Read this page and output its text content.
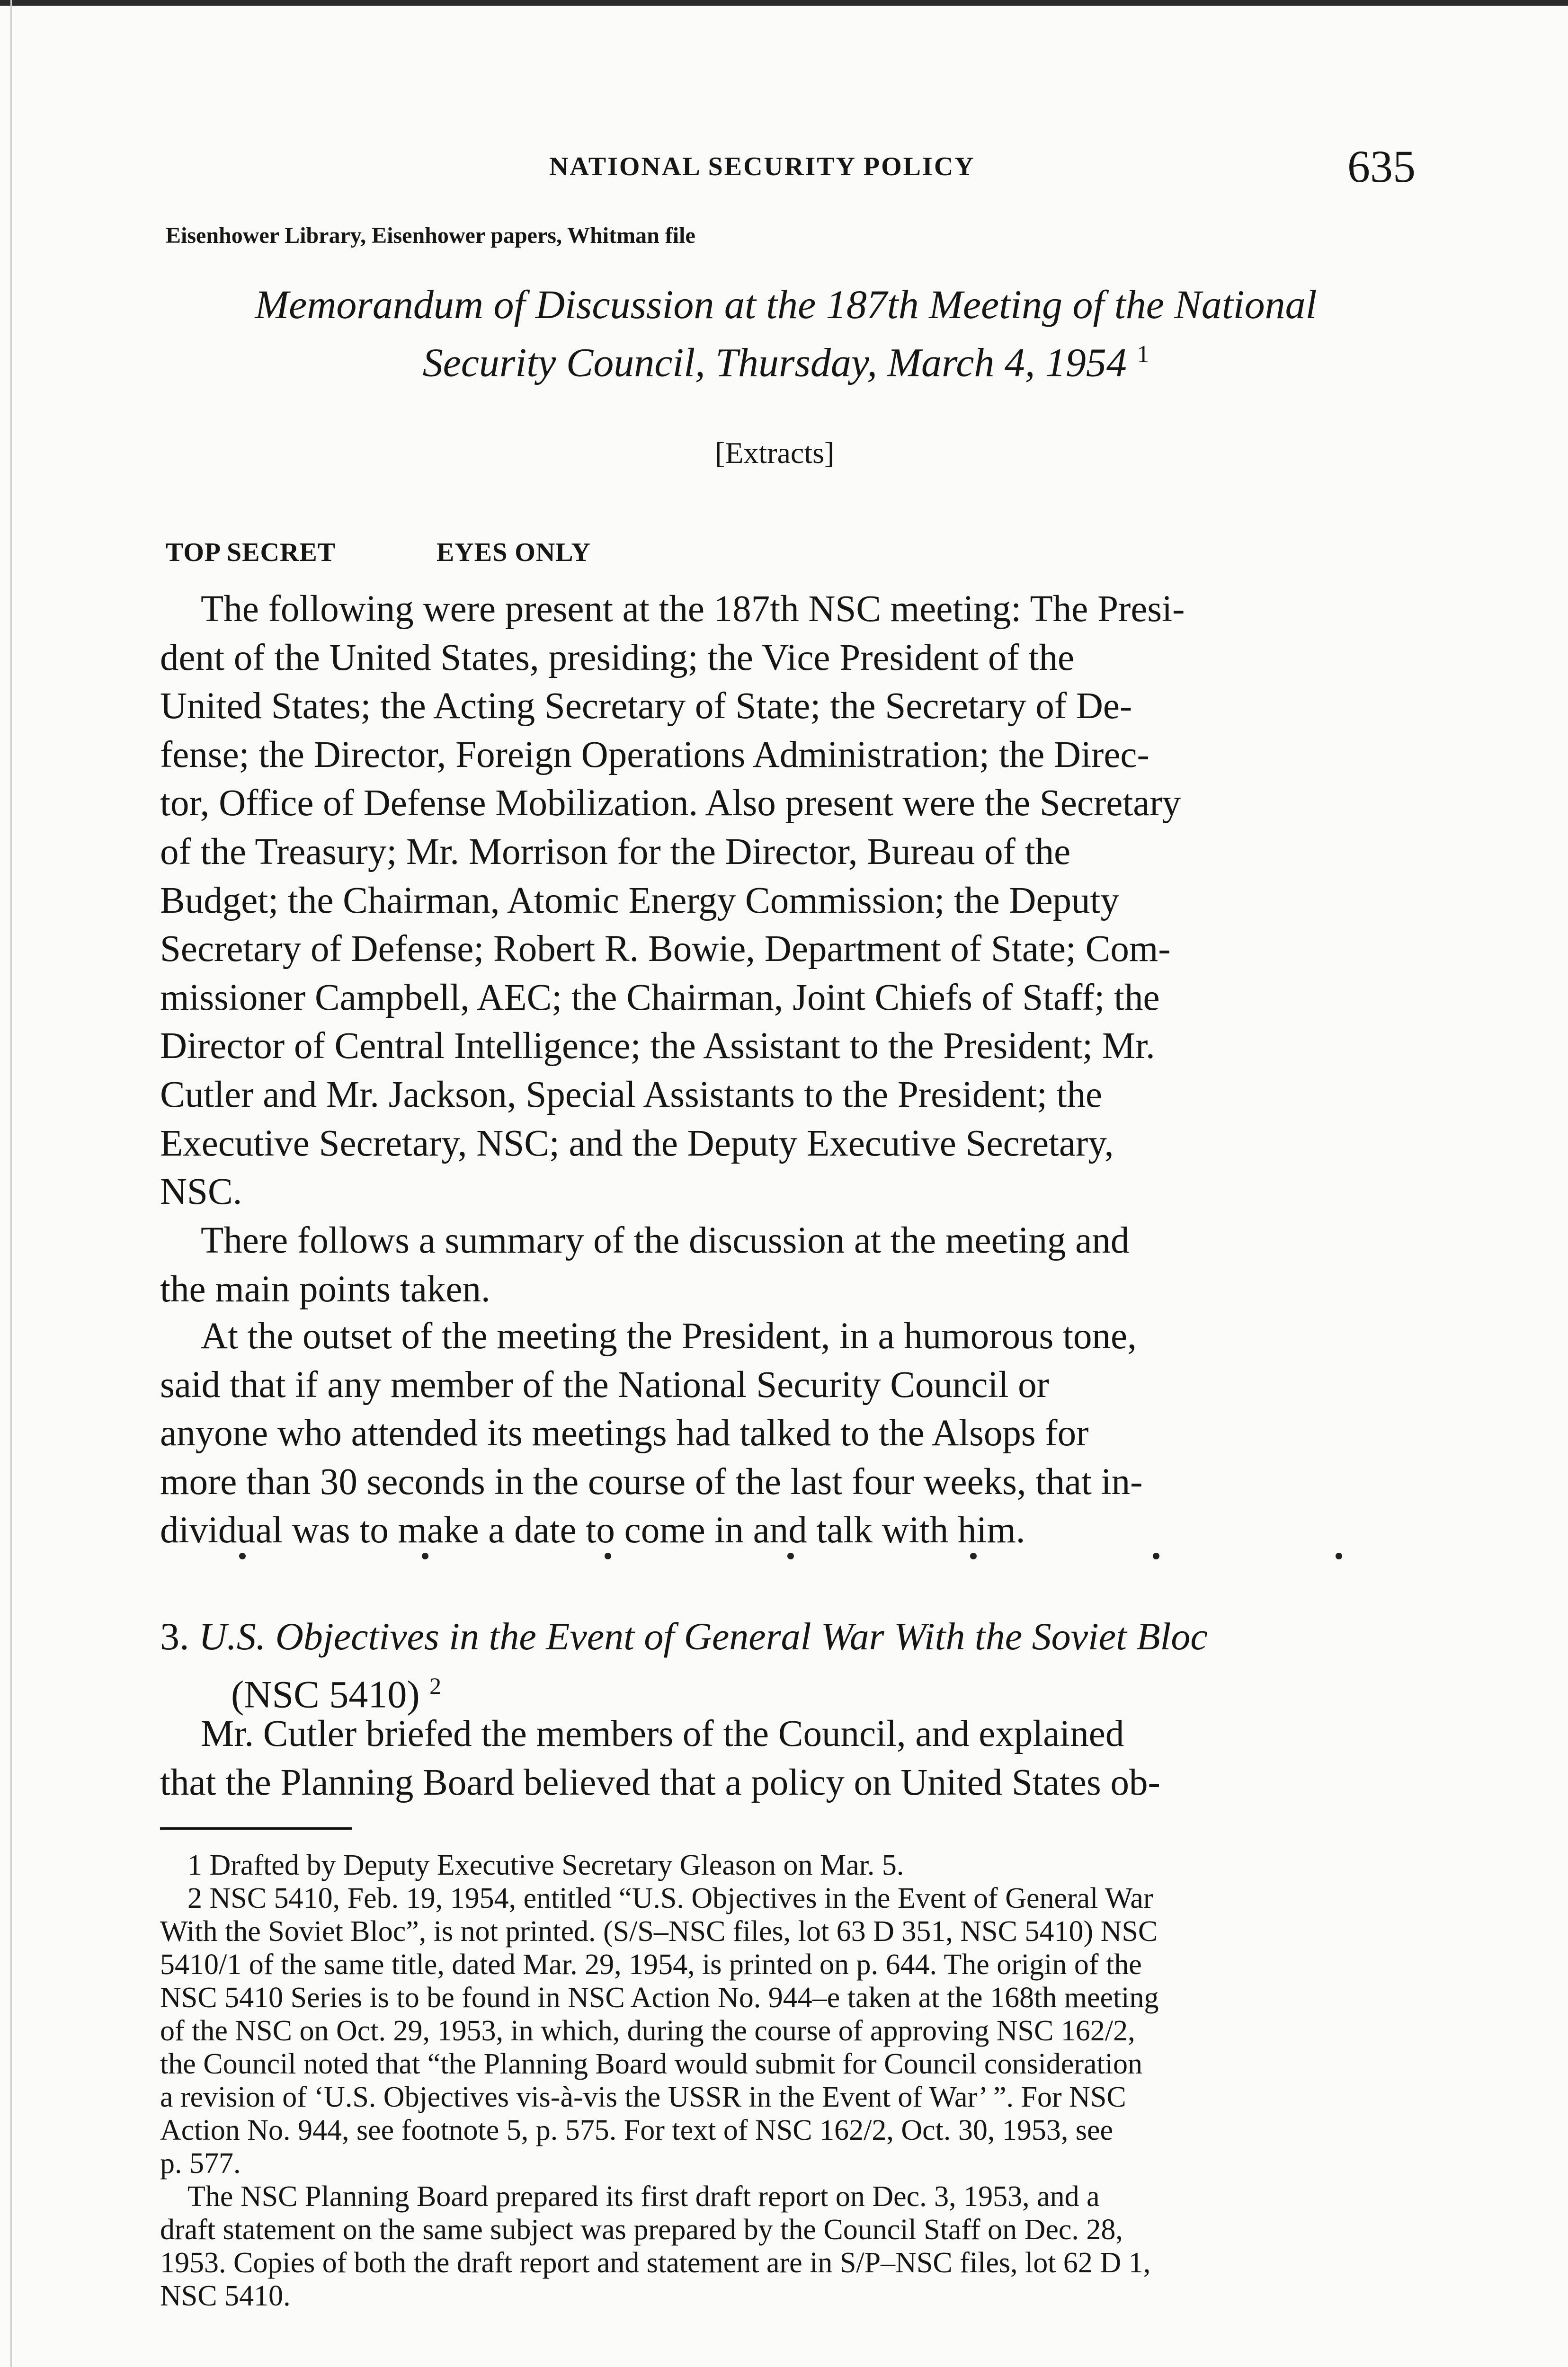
NATIONAL SECURITY POLICY	635
Eisenhower Library, Eisenhower papers, Whitman file
Memorandum of Discussion at the 187th Meeting of the National
Security Council, Thursday, March 4, 1954 $^1$
[Extracts]
TOP SECRET	EYES ONLY
The following were present at the 187th NSC meeting: The Presi-
dent of the United States, presiding; the Vice President of the
United States; the Acting Secretary of State; the Secretary of De-
fense; the Director, Foreign Operations Administration; the Direc-
tor, Office of Defense Mobilization. Also present were the Secretary
of the Treasury; Mr. Morrison for the Director, Bureau of the
Budget; the Chairman, Atomic Energy Commission; the Deputy
Secretary of Defense; Robert R. Bowie, Department of State; Com-
missioner Campbell, AEC; the Chairman, Joint Chiefs of Staff; the
Director of Central Intelligence; the Assistant to the President; Mr.
Cutler and Mr. Jackson, Special Assistants to the President; the
Executive Secretary, NSC; and the Deputy Executive Secretary,
NSC.
There follows a summary of the discussion at the meeting and
the main points taken.
At the outset of the meeting the President, in a humorous tone,
said that if any member of the National Security Council or
anyone who attended its meetings had talked to the Alsops for
more than 30 seconds in the course of the last four weeks, that in-
dividual was to make a date to come in and talk with him.
3. U.S. Objectives in the Event of General War With the Soviet Bloc
(NSC 5410) $^2$
Mr. Cutler briefed the members of the Council, and explained
that the Planning Board believed that a policy on United States ob-

1 Drafted by Deputy Executive Secretary Gleason on Mar. 5.

2 NSC 5410, Feb. 19, 1954, entitled “U.S. Objectives in the Event of General War

With the Soviet Bloc”, is not printed. (S/S–NSC files, lot 63 D 351, NSC 5410) NSC

5410/1 of the same title, dated Mar. 29, 1954, is printed on p. 644. The origin of the

NSC 5410 Series is to be found in NSC Action No. 944–e taken at the 168th meeting

of the NSC on Oct. 29, 1953, in which, during the course of approving NSC 162/2,

the Council noted that “the Planning Board would submit for Council consideration

a revision of ‘U.S. Objectives vis-à-vis the USSR in the Event of War’ ”. For NSC

Action No. 944, see footnote 5, p. 575. For text of NSC 162/2, Oct. 30, 1953, see

p. 577.

The NSC Planning Board prepared its first draft report on Dec. 3, 1953, and a

draft statement on the same subject was prepared by the Council Staff on Dec. 28,

1953. Copies of both the draft report and statement are in S/P–NSC files, lot 62 D 1,

NSC 5410.
